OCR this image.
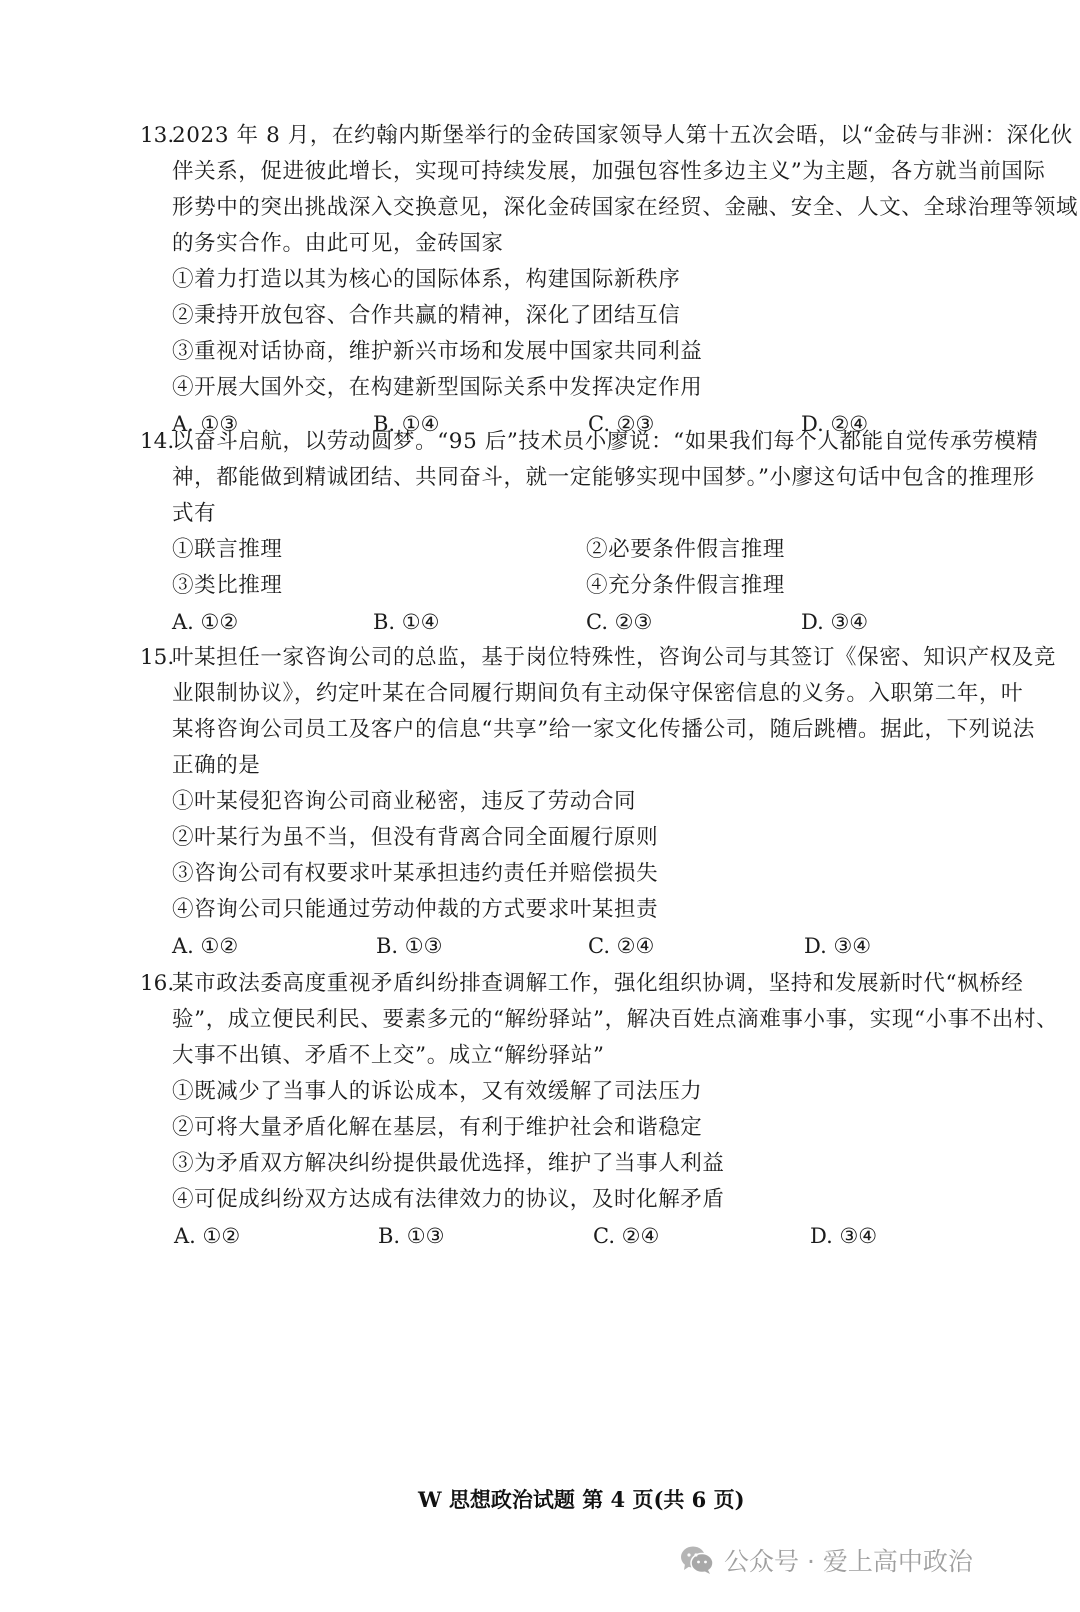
13.2023 年 8 月，在约翰内斯堡举行的金砖国家领导人第十五次会晤，以“金砖与非洲：深化伙
伴关系，促进彼此增长，实现可持续发展，加强包容性多边主义”为主题，各方就当前国际
形势中的突出挑战深入交换意见，深化金砖国家在经贸、金融、安全、人文、全球治理等领域
的务实合作。由此可见，金砖国家
①着力打造以其为核心的国际体系，构建国际新秩序
②秉持开放包容、合作共赢的精神，深化了团结互信
③重视对话协商，维护新兴市场和发展中国家共同利益
④开展大国外交，在构建新型国际关系中发挥决定作用
A. ①③	B. ①④	C. ②③	D. ②④
14.以奋斗启航，以劳动圆梦。“95 后”技术员小廖说：“如果我们每个人都能自觉传承劳模精
神，都能做到精诚团结、共同奋斗，就一定能够实现中国梦。”小廖这句话中包含的推理形
式有
①联言推理	②必要条件假言推理
③类比推理	④充分条件假言推理
A. ①②	B. ①④	C. ②③	D. ③④
15.叶某担任一家咨询公司的总监，基于岗位特殊性，咨询公司与其签订《保密、知识产权及竞
业限制协议》，约定叶某在合同履行期间负有主动保守保密信息的义务。入职第二年，叶
某将咨询公司员工及客户的信息“共享”给一家文化传播公司，随后跳槽。据此，下列说法
正确的是
①叶某侵犯咨询公司商业秘密，违反了劳动合同
②叶某行为虽不当，但没有背离合同全面履行原则
③咨询公司有权要求叶某承担违约责任并赔偿损失
④咨询公司只能通过劳动仲裁的方式要求叶某担责
A. ①②	B. ①③	C. ②④	D. ③④
16.某市政法委高度重视矛盾纠纷排查调解工作，强化组织协调，坚持和发展新时代“枫桥经
验”，成立便民利民、要素多元的“解纷驿站”，解决百姓点滴难事小事，实现“小事不出村、
大事不出镇、矛盾不上交”。成立“解纷驿站”
①既减少了当事人的诉讼成本，又有效缓解了司法压力
②可将大量矛盾化解在基层，有利于维护社会和谐稳定
③为矛盾双方解决纠纷提供最优选择，维护了当事人利益
④可促成纠纷双方达成有法律效力的协议，及时化解矛盾
A. ①②	B. ①③	C. ②④	D. ③④
W 思想政治试题 第 4 页(共 6 页)
公众号 · 爱上高中政治
